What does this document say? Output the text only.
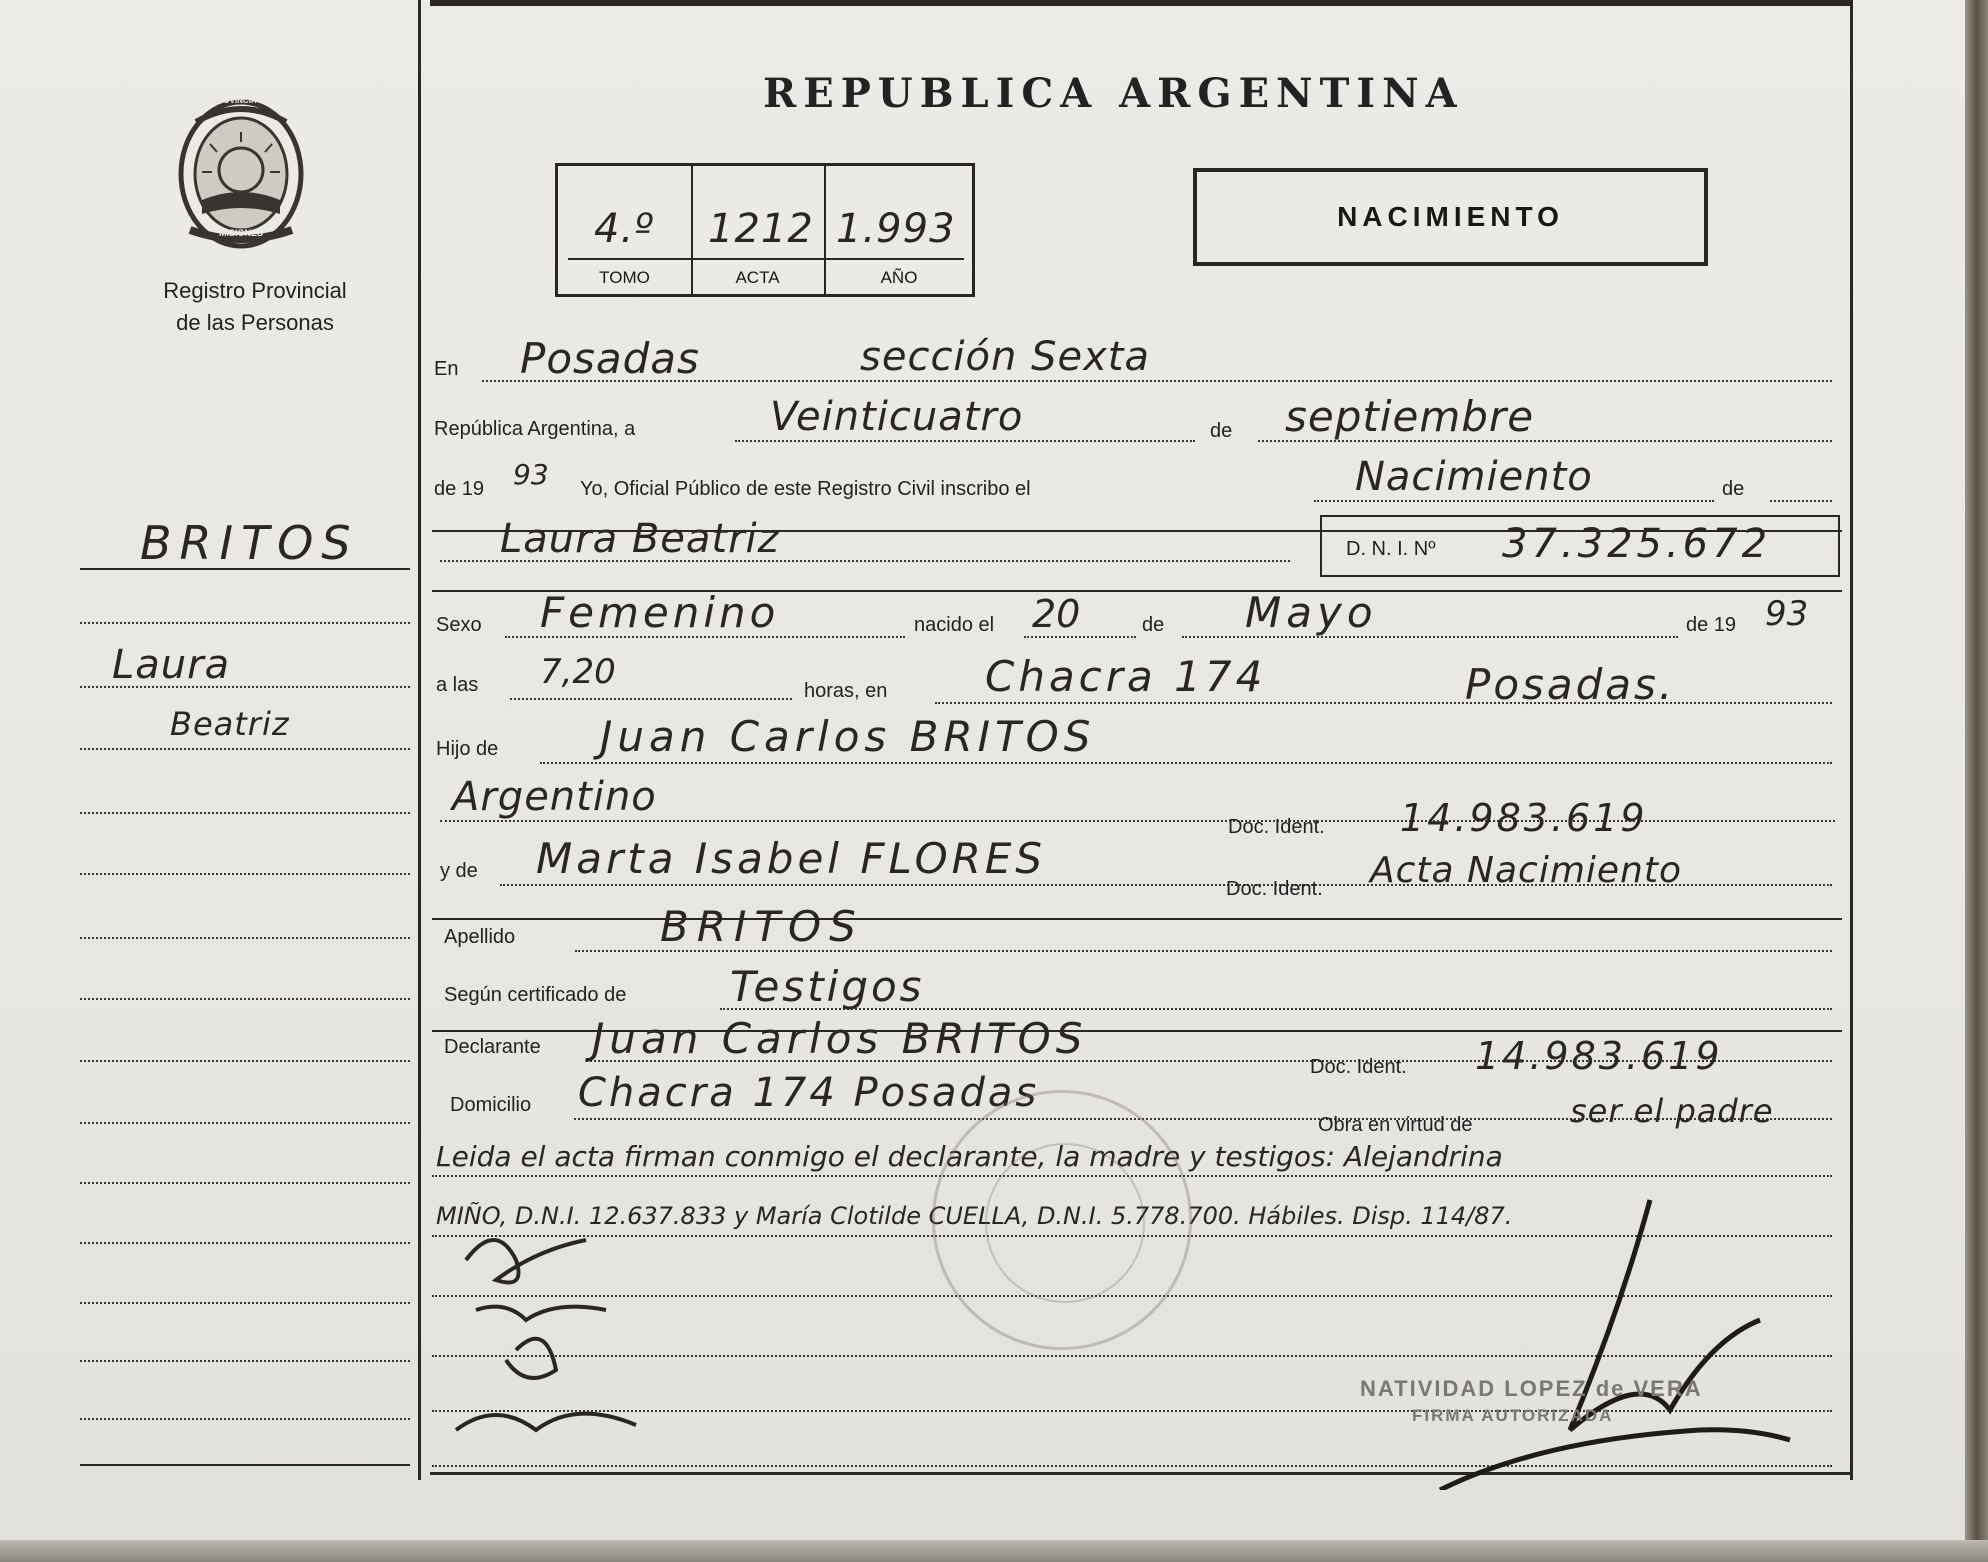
PROVINCIA DE
MISIONES
Registro Provincial
de las Personas
BRITOS
Laura
Beatriz
REPUBLICA ARGENTINA
4.º 1212 1.993
TOMO	ACTA	AÑO
NACIMIENTO
En Posadas	sección Sexta
República Argentina, a	Veinticuatro	de septiembre
de 19 93 Yo, Oficial Público de este Registro Civil inscribo el	Nacimiento	de
Laura Beatriz	D. N. I. Nº 37.325.672
Sexo Femenino	nacido el 20	de Mayo	de 19 93
a las 7,20	horas, en Chacra 174	Posadas.
Hijo de Juan Carlos BRITOS
Argentino
Doc. Ident. 14.983.619
y de Marta Isabel FLORES
Doc. Ident. Acta Nacimiento
Apellido	BRITOS
Según certificado de Testigos
Declarante Juan Carlos BRITOS
Doc. Ident. 14.983.619
Domicilio Chacra 174 Posadas
Obra en virtud de	ser el padre
Leida el acta firman conmigo el declarante, la madre y testigos: Alejandrina
MIÑO, D.N.I. 12.637.833 y María Clotilde CUELLA, D.N.I. 5.778.700. Hábiles. Disp. 114/87.
NATIVIDAD LOPEZ de VERA
FIRMA AUTORIZADA
